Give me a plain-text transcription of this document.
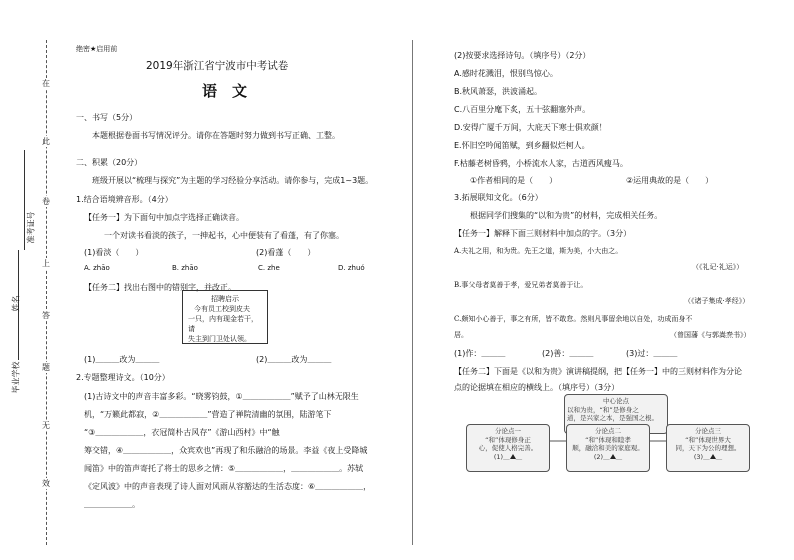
在
此
卷
上
答
题
无
效
毕业学校
姓名
准考证号
绝密★启用前
2019年浙江省宁波市中考试卷
语　文
一、书写（5分）
本题根据卷面书写情况评分。请你在答题时努力做到书写正确、工整。
二、积累（20分）
班级开展以“梳理与探究”为主题的学习经验分享活动。请你参与，完成1~3题。
1.结合语境辨音形。（4分）
【任务一】为下面句中加点字选择正确读音。
一个对读书看淡的孩子，一抻起书，心中便装有了看蓬，有了你塞。
(1)看淡（　　）	(2)看蓬（　　）
A. zhāo	B. zhāo	C. zhe	D. zhuó
【任务二】找出右图中的错别字，并改正。
招聘启示
今有员工校到皮夫
一只，内有现金若干，请
失主到门卫处认领。
(1)＿＿＿改为＿＿＿	(2)＿＿＿改为＿＿＿
2.专题整理诗文。（10分）
(1)古诗文中的声音丰富多彩。“晓雾钧鼓，①＿＿＿＿＿＿”赋予了山林无限生
机，“万籁此都寂，②＿＿＿＿＿＿”营造了禅院清幽的氛围，陆游笔下
“③＿＿＿＿＿＿，衣冠简朴古风存”《游山西村》中“触
筹交错，④＿＿＿＿＿＿，众宾欢也”再现了和乐融洽的场景。李益《夜上受降城
闻笛》中的笛声寄托了将士的思乡之情：⑤＿＿＿＿＿＿，＿＿＿＿＿＿。苏轼
《定风波》中的声音表现了诗人面对风雨从容豁达的生活态度：⑥＿＿＿＿＿＿，
＿＿＿＿＿＿。
(2)按要求选择诗句。（填序号）（2分）
A.感时花溅泪，恨别鸟惊心。
B.秋风萧瑟，洪波涌起。
C.八百里分麾下炙，五十弦翻塞外声。
D.安得广厦千万间，大庇天下寒士俱欢颜！
E.怀旧空吟闻笛赋，到乡翻似烂柯人。
F.枯藤老树昏鸦，小桥流水人家，古道西风瘦马。
①作者相同的是（　　）	②运用典故的是（　　）
3.拓展联知文化。（6分）
根据同学们搜集的“以和为贵”的材料，完成相关任务。
【任务一】解释下面三则材料中加点的字。（3分）
A.夫礼之用，和为贵。先王之道，斯为美，小大由之。
（《礼记·礼运》）
B.事父母者莫善于孝，爱兄弟者莫善于让。
（《诸子集成·孝经》）
C.颇知小心善于，事之有所，皆不敢怠。然则凡事留余地以自处，功成而身不
居。	（曾国藩《与郭嵩焘书》）
(1)作：＿＿＿	(2)善：＿＿＿	(3)过：＿＿＿
【任务二】下面是《以和为贵》演讲稿提纲，把【任务一】中的三则材料作为分论
点的论据填在相应的横线上。（填序号）（3分）
中心论点
以和为贵，“和”是修身之
道，是兴家之本，是强国之根。
分论点一
“和”体现修身正
心，促使人格完善。
(1)＿ ＿
分论点二
“和”体现和睦孝
顺，融洽和美的家庭观。
(2)＿ ＿
分论点三
“和”体现世界大
同，天下为公的理想。
(3)＿ ＿
